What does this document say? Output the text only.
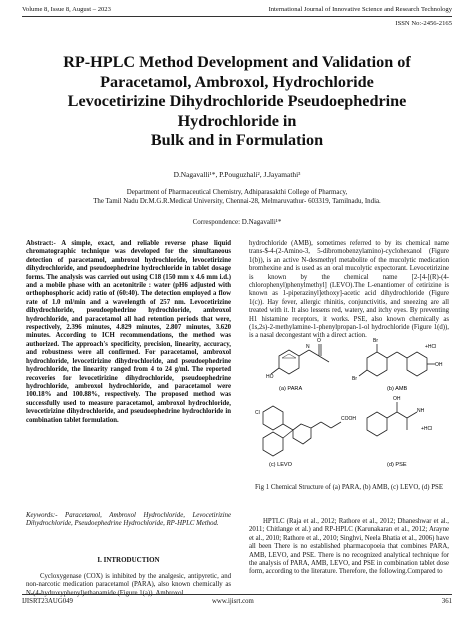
Volume 8, Issue 8, August – 2023	International Journal of Innovative Science and Research Technology
ISSN No:-2456-2165
RP-HPLC Method Development and Validation of
Paracetamol, Ambroxol, Hydrochloride
Levocetirizine Dihydrochloride Pseudoephedrine
Hydrochloride in
Bulk and in Formulation
D.Nagavalli¹*, P.Pouguzhali², J.Jayamathi³
Department of Pharmaceutical Chemistry, Adhiparasakthi College of Pharmacy,
The Tamil Nadu Dr.M.G.R.Medical University, Chennai-28, Melmaruvathur- 603319, Tamilnadu, India.
Correspondence: D.Nagavalli¹*
Abstract:- A simple, exact, and reliable reverse phase liquid chromatographic technique was developed for the simultaneous detection of paracetamol, ambroxol hydrochloride, levocetirizine dihydrochloride, and pseudoephedrine hydrochloride in tablet dosage forms. The analysis was carried out using C18 (150 mm x 4.6 mm i.d.) and a mobile phase with an acetonitrile : water (pH6 adjusted with orthophosphoric acid) ratio of (60:40). The detection employed a flow rate of 1.0 ml/min and a wavelength of 257 nm. Levocetirizine dihydrochloride, pseudoephedrine hydrochloride, ambroxol hydrochloride, and paracetamol all had retention periods that were, respectively, 2.396 minutes, 4.829 minutes, 2.807 minutes, 3.620 minutes. According to ICH recommendations, the method was authorized. The approach's specificity, precision, linearity, accuracy, and robustness were all confirmed. For paracetamol, ambroxol hydrochloride, levocetirizine dihydrochloride, and pseudoephedrine hydrochloride, the linearity ranged from 4 to 24 g/ml. The reported recoveries for levocetirizine dihydrochloride, pseudoephedrine hydrochloride, ambroxol hydrochloride, and paracetamol were 100.18% and 100.88%, respectively. The proposed method was successfully used to measure paracetamol, ambroxol hydrochloride, levocetirizine dihydrochloride, and pseudoephedrine hydrochloride in combination tablet formulation.
Keywords:- Paracetamol, Ambroxol Hydrochloride, Levocetirizine Dihydrochloride, Pseudoephedrine Hydrochloride, RP-HPLC Method.
I. INTRODUCTION
Cycloxygenase (COX) is inhibited by the analgesic, antipyretic, and non-narcotic medication paracetamol (PARA), also known chemically as N-(4-hydroxyphenyl)ethanamide (Figure 1(a)). Ambroxol
hydrochloride (AMB), sometimes referred to by its chemical name trans-$-4-(2-Amino-3, 5-dibromobenzylamino)-cyclohexanol (Figure 1(b)), is an active N-desmethyl metabolite of the mucolytic medication bromhexine and is used as an oral mucolytic expectorant. Levocetirizine is known by the chemical name [2-[4-[(R)-(4-chlorophenyl)phenylmethyl] (LEVO).The L-enantiomer of cetirizine is known as 1-piperazinyl]ethoxy]-acetic acid dihydrochloride (Figure 1(c)). Hay fever, allergic rhinitis, conjunctivitis, and sneezing are all treated with it. It also lessens red, watery, and itchy eyes. By preventing H1 histamine receptors, it works. PSE, also known chemically as (1s,2s)-2-methylamine-1-phenylpropan-1-ol hydrochloride (Figure 1(d)), is a nasal decongestant with a direct action.
HO
N
O
(a) PARA
Br
Br
OH
+HCl
(b) AMB
Cl
COOH
(c) LEVO
OH
NH
+HCl
(d) PSE
Fig 1 Chemical Structure of (a) PARA, (b) AMB, (c) LEVO, (d) PSE
HPTLC (Raja et al., 2012; Rathore et al., 2012; Dhaneshwar et al., 2011; Chitlange et al.) and RP-HPLC (Karunakaran et al., 2012; Arayne et al., 2010; Rathore et al., 2010; Singhvi, Neela Bhatia et al., 2006) have all been There is no established pharmacopoeia that combines PARA, AMB, LEVO, and PSE. There is no recognized analytical technique for the analysis of PARA, AMB, LEVO, and PSE in combination tablet dose form, according to the literature. Therefore, the following.Compared to
IJISRT23AUG049	www.ijisrt.com	361
